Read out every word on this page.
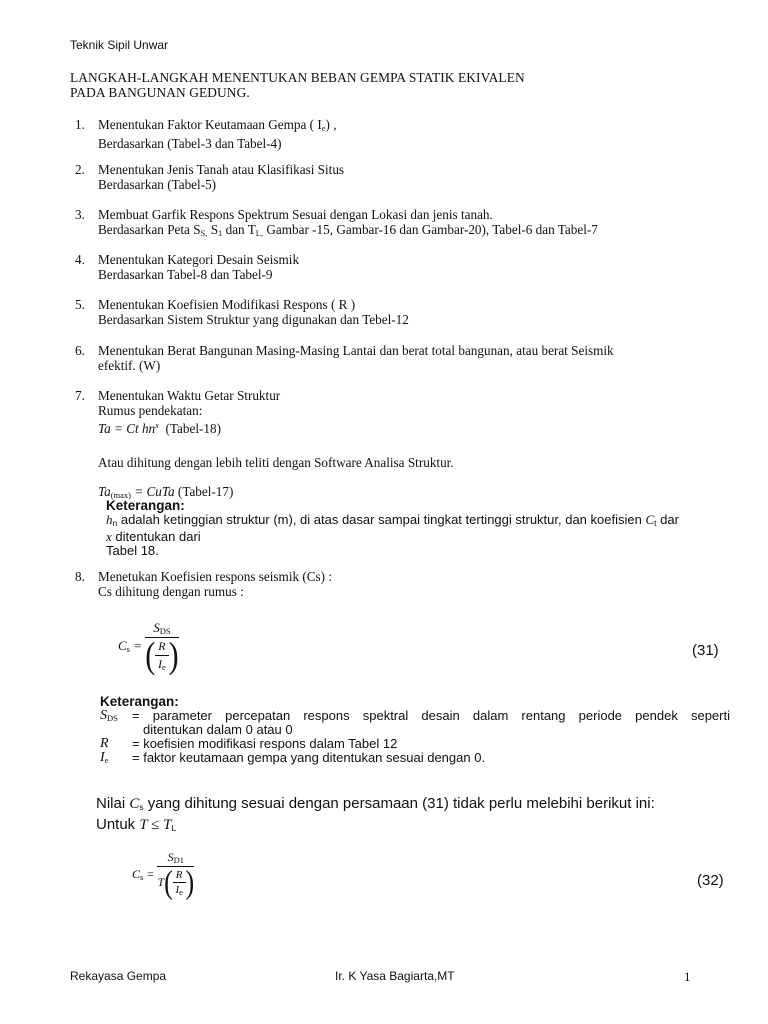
Teknik Sipil Unwar
LANGKAH-LANGKAH MENENTUKAN BEBAN GEMPA STATIK EKIVALEN
PADA BANGUNAN GEDUNG.
1. Menentukan Faktor Keutamaan Gempa ( $I_e$) ,
Berdasarkan (Tabel-3 dan Tabel-4)
2. Menentukan Jenis Tanah atau Klasifikasi Situs
Berdasarkan (Tabel-5)
3. Membuat Garfik Respons Spektrum Sesuai dengan Lokasi dan jenis tanah.
Berdasarkan Peta $S_{S,}$ $S_1$ dan $T_{L,}$ Gambar -15, Gambar-16 dan Gambar-20), Tabel-6 dan Tabel-7
4. Menentukan Kategori Desain Seismik
Berdasarkan Tabel-8 dan Tabel-9
5. Menentukan Koefisien Modifikasi Respons ( R )
Berdasarkan Sistem Struktur yang digunakan dan Tebel-12
6. Menentukan Berat Bangunan Masing-Masing Lantai dan berat total bangunan, atau berat Seismik
efektif. (W)
7. Menentukan Waktu Getar Struktur
Rumus pendekatan:
Ta = Ct $hn^x$ (Tabel-18)
Atau dihitung dengan lebih teliti dengan Software Analisa Struktur.
$Ta_{(max)}$ = CuTa (Tabel-17)
Keterangan:
$h_n$ adalah ketinggian struktur (m), di atas dasar sampai tingkat tertinggi struktur, dan koefisien $C_t$ dar
x ditentukan dari
Tabel 18.
8. Menetukan Koefisien respons seismik (Cs) :
Cs dihitung dengan rumus :
$C_s = \frac{S_{DS}}{( \frac{R}{I_e} )}$	(31)
Keterangan:
$S_{DS}$ = parameter percepatan respons spektral desain dalam rentang periode pendek seperti
ditentukan dalam 0 atau 0
R = koefisien modifikasi respons dalam Tabel 12
$I_e$ = faktor keutamaan gempa yang ditentukan sesuai dengan 0.
Nilai $C_s$ yang dihitung sesuai dengan persamaan (31) tidak perlu melebihi berikut ini:
Untuk $T \le T_L$
$C_s = \frac{S_{D1}}{T( \frac{R}{I_e} )}$	(32)
Rekayasa Gempa	Ir. K Yasa Bagiarta,MT	1
